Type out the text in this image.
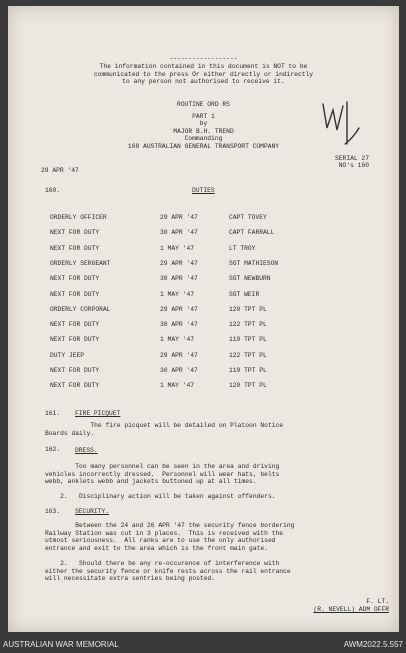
------------------
The information contained in this document is NOT to be
communicated to the press Or either directly or indirectly
to any person not authorised to receive it.
ROUTINE ORD RS
PART 1
by
MAJOR B.H. TREND
Commanding
168 AUSTRALIAN GENERAL TRANSPORT COMPANY
29 APR '47
SERIAL 27
NO's 160
160.	DUTIES
ORDERLY OFFICER	29 APR '47	CAPT TOVEY
NEXT FOR DUTY	30 APR '47	CAPT FARRALL
NEXT FOR DUTY	1 MAY '47	LT TROY
ORDERLY SERGEANT	29 APR '47	SGT MATHIESON
NEXT FOR DUTY	30 APR '47	SGT NEWBURN
NEXT FOR DUTY	1 MAY '47	SGT WEIR
ORDERLY CORPORAL	29 APR '47	120 TPT PL
NEXT FOR DUTY	30 APR '47	122 TPT PL
NEXT FOR DUTY	1 MAY '47	119 TPT PL
DUTY JEEP	29 APR '47	122 TPT PL
NEXT FOR DUTY	30 APR '47	119 TPT PL
NEXT FOR DUTY	1 MAY '47	120 TPT PL
161. FIRE PICQUET
The fire picquet will be detailed on Platoon Notice
Boards daily.
162. DRESS.
Too many personnel can be seen in the area and driving
vehicles incorrectly dressed.  Personnel will wear hats, belts
webb, anklets webb and jackets buttoned up at all times.

2.   Disciplinary action will be taken against offenders.
163. SECURITY.
Between the 24 and 26 APR '47 the security fence bordering
Railway Station was cut in 3 places.  This is received with the
utmost seriousness.  All ranks are to use the only authorised
entrance and exit to the area which is the front main gate.

2.   Should there be any re-occurence of interference with
either the security fence or knife rests across the rail entrance
will necessitate extra sentries being posted.
F. LT.
(R. NEVELL) ADM OFFR
AUSTRALIAN WAR MEMORIAL	AWM2022.5.557
